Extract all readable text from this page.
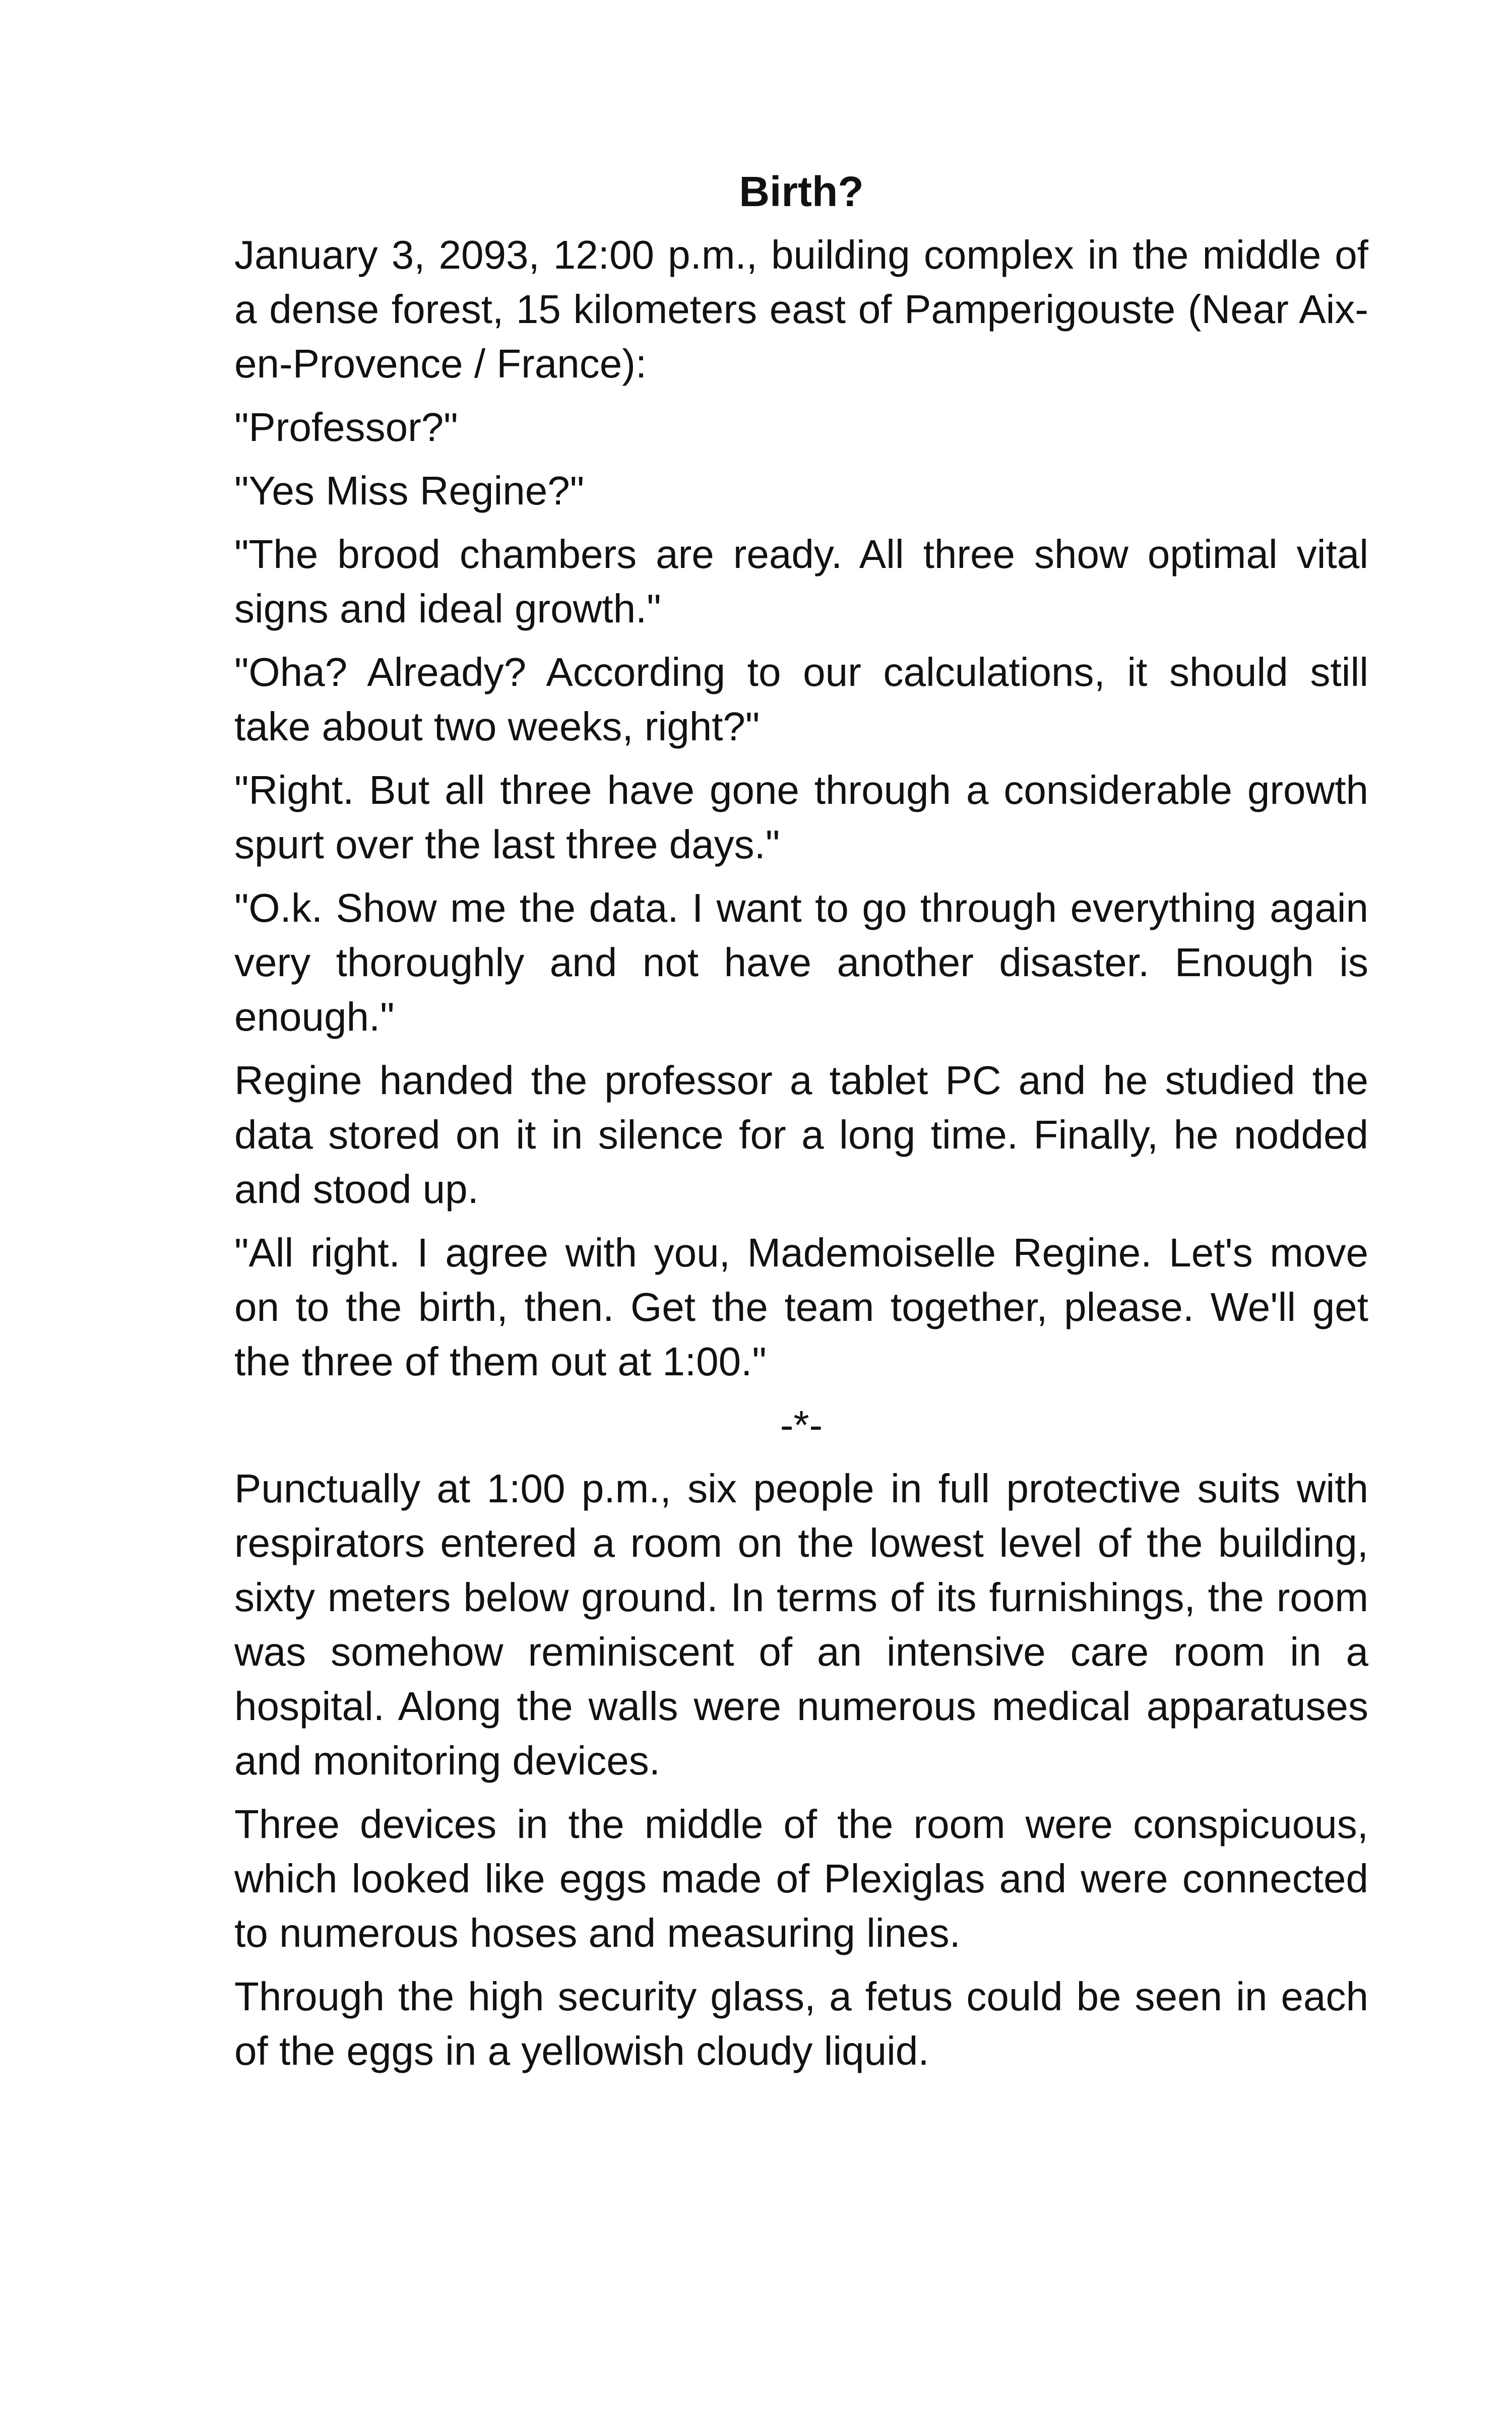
Birth?

January 3, 2093, 12:00 p.m., building complex in the middle of a dense forest, 15 kilometers east of Pamperigouste (Near Aix-en-Provence / France):

"Professor?"

"Yes Miss Regine?"

"The brood chambers are ready. All three show optimal vital signs and ideal growth."

"Oha? Already? According to our calculations, it should still take about two weeks, right?"

"Right. But all three have gone through a considerable growth spurt over the last three days."

"O.k. Show me the data. I want to go through everything again very thoroughly and not have another disaster. Enough is enough."

Regine handed the professor a tablet PC and he studied the data stored on it in silence for a long time. Finally, he nodded and stood up.

"All right. I agree with you, Mademoiselle Regine. Let's move on to the birth, then. Get the team together, please. We'll get the three of them out at 1:00."

-*-

Punctually at 1:00 p.m., six people in full protective suits with respirators entered a room on the lowest level of the building, sixty meters below ground. In terms of its furnishings, the room was somehow reminiscent of an intensive care room in a hospital. Along the walls were numerous medical apparatuses and monitoring devices.

Three devices in the middle of the room were conspicuous, which looked like eggs made of Plexiglas and were connected to numerous hoses and measuring lines.

Through the high security glass, a fetus could be seen in each of the eggs in a yellowish cloudy liquid.
